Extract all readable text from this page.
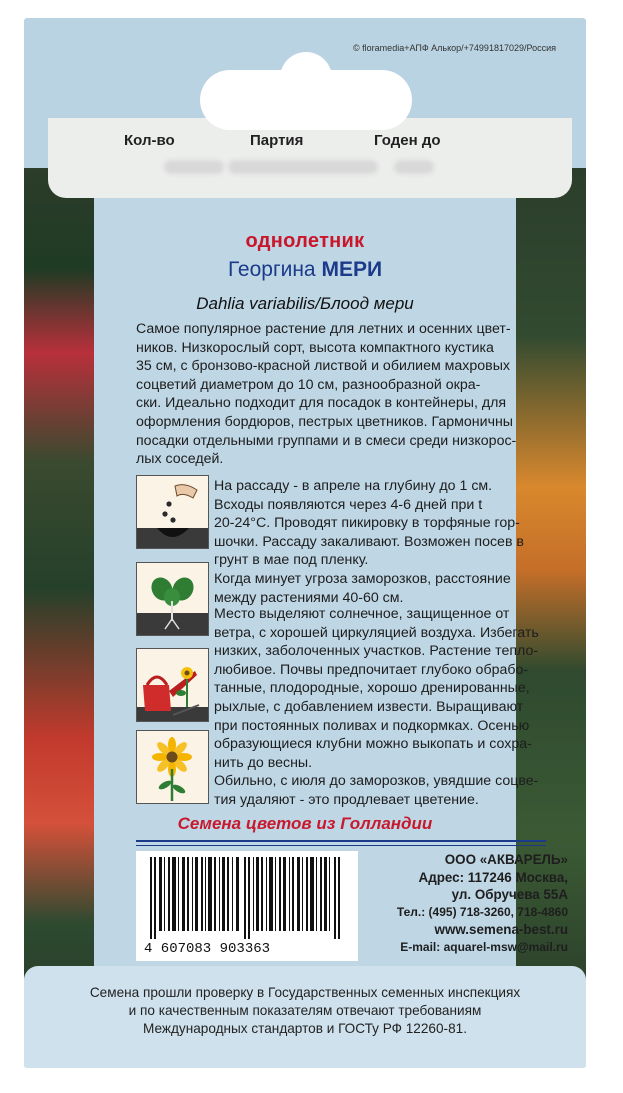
© floramedia+АПФ Алькор/+74991817029/Россия
Кол-во	Партия	Годен до
однолетник
Георгина МЕРИ
Dahlia variabilis/Блоод мери
Самое популярное растение для летних и осенних цвет-
ников. Низкорослый сорт, высота компактного кустика
35 см, с бронзово-красной листвой и обилием махровых
соцветий диаметром до 10 см, разнообразной окра-
ски. Идеально подходит для посадок в контейнеры, для
оформления бордюров, пестрых цветников. Гармоничны
посадки отдельными группами и в смеси среди низкорос-
лых соседей.
На рассаду - в апреле на глубину до 1 см.
Всходы появляются через 4-6 дней при t
20-24°С. Проводят пикировку в торфяные гор-
шочки. Рассаду закаливают. Возможен посев в
грунт в мае под пленку.
Когда минует угроза заморозков, расстояние
между растениями 40-60 см.
Место выделяют солнечное, защищенное от
ветра, с хорошей циркуляцией воздуха. Избегать
низких, заболоченных участков. Растение тепло-
любивое. Почвы предпочитает глубоко обрабо-
танные, плодородные, хорошо дренированные,
рыхлые, с добавлением извести. Выращивают
при постоянных поливах и подкормках. Осенью
образующиеся клубни можно выкопать и сохра-
нить до весны.
Обильно, с июля до заморозков, увядшие соцве-
тия удаляют - это продлевает цветение.
Семена цветов из Голландии
4 607083 903363
ООО «АКВАРЕЛЬ»
Адрес: 117246 Москва,
ул. Обручева 55А
Тел.: (495) 718-3260, 718-4860
www.semena-best.ru
E-mail: aquarel-msw@mail.ru
Семена прошли проверку в Государственных семенных инспекциях
и по качественным показателям отвечают требованиям
Международных стандартов и ГОСТу РФ 12260-81.
